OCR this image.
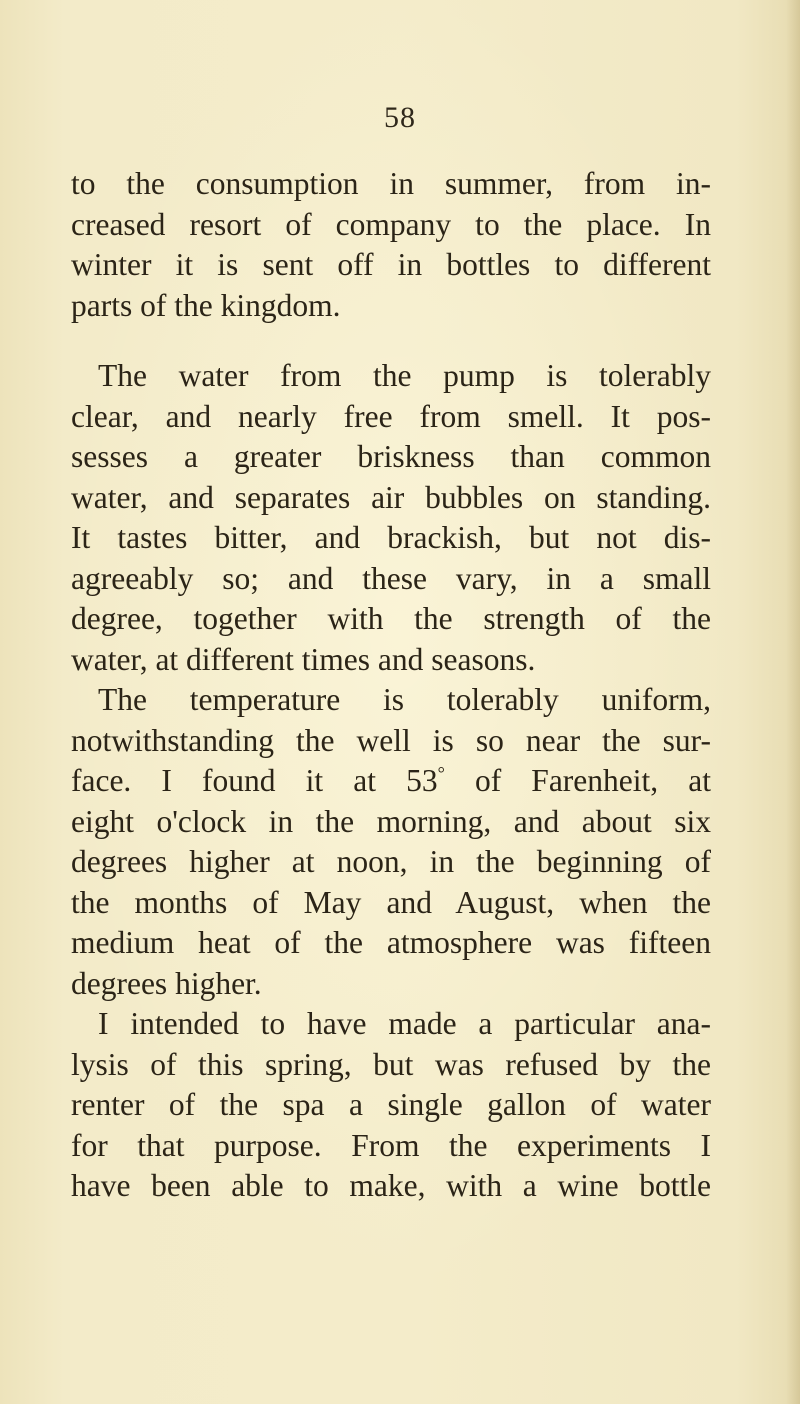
58
to the consumption in summer, from in-
creased resort of company to the place. In
winter it is sent off in bottles to different
parts of the kingdom.
The water from the pump is tolerably
clear, and nearly free from smell. It pos-
sesses a greater briskness than common
water, and separates air bubbles on standing.
It tastes bitter, and brackish, but not dis-
agreeably so; and these vary, in a small
degree, together with the strength of the
water, at different times and seasons.
The temperature is tolerably uniform,
notwithstanding the well is so near the sur-
face. I found it at 53° of Farenheit, at
eight o'clock in the morning, and about six
degrees higher at noon, in the beginning of
the months of May and August, when the
medium heat of the atmosphere was fifteen
degrees higher.
I intended to have made a particular ana-
lysis of this spring, but was refused by the
renter of the spa a single gallon of water
for that purpose. From the experiments I
have been able to make, with a wine bottle
